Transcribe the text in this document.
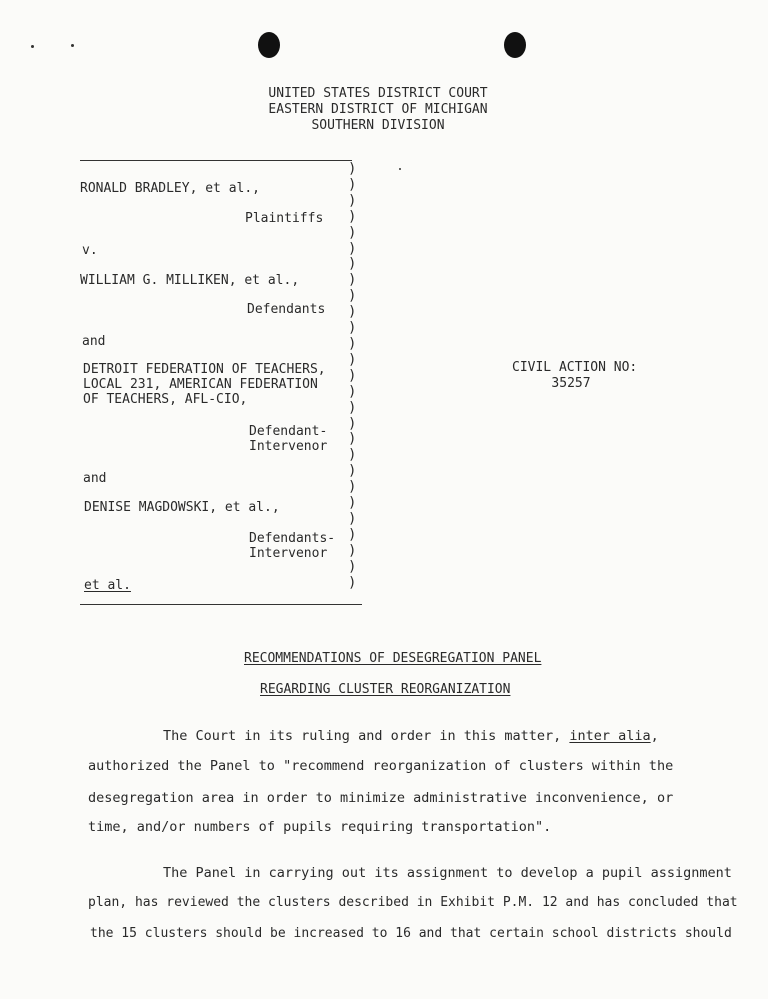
UNITED STATES DISTRICT COURT
EASTERN DISTRICT OF MICHIGAN
SOUTHERN DIVISION
)
)
)
)
)
)
)
)
)
)
)
)
)
)
)
)
)
)
)
)
)
)
)
)
)
)
)
RONALD BRADLEY, et al.,
Plaintiffs
v.
WILLIAM G. MILLIKEN, et al.,
Defendants
and
DETROIT FEDERATION OF TEACHERS,
LOCAL 231, AMERICAN FEDERATION
OF TEACHERS, AFL-CIO,
Defendant-
Intervenor
and
DENISE MAGDOWSKI, et al.,
Defendants-
Intervenor
et al.
CIVIL ACTION NO:
35257
RECOMMENDATIONS OF DESEGREGATION PANEL
REGARDING CLUSTER REORGANIZATION
The Court in its ruling and order in this matter, inter alia,
authorized the Panel to "recommend reorganization of clusters within the
desegregation area in order to minimize administrative inconvenience, or
time, and/or numbers of pupils requiring transportation".
The Panel in carrying out its assignment to develop a pupil assignment
plan, has reviewed the clusters described in Exhibit P.M. 12 and has concluded that
the 15 clusters should be increased to 16 and that certain school districts should
